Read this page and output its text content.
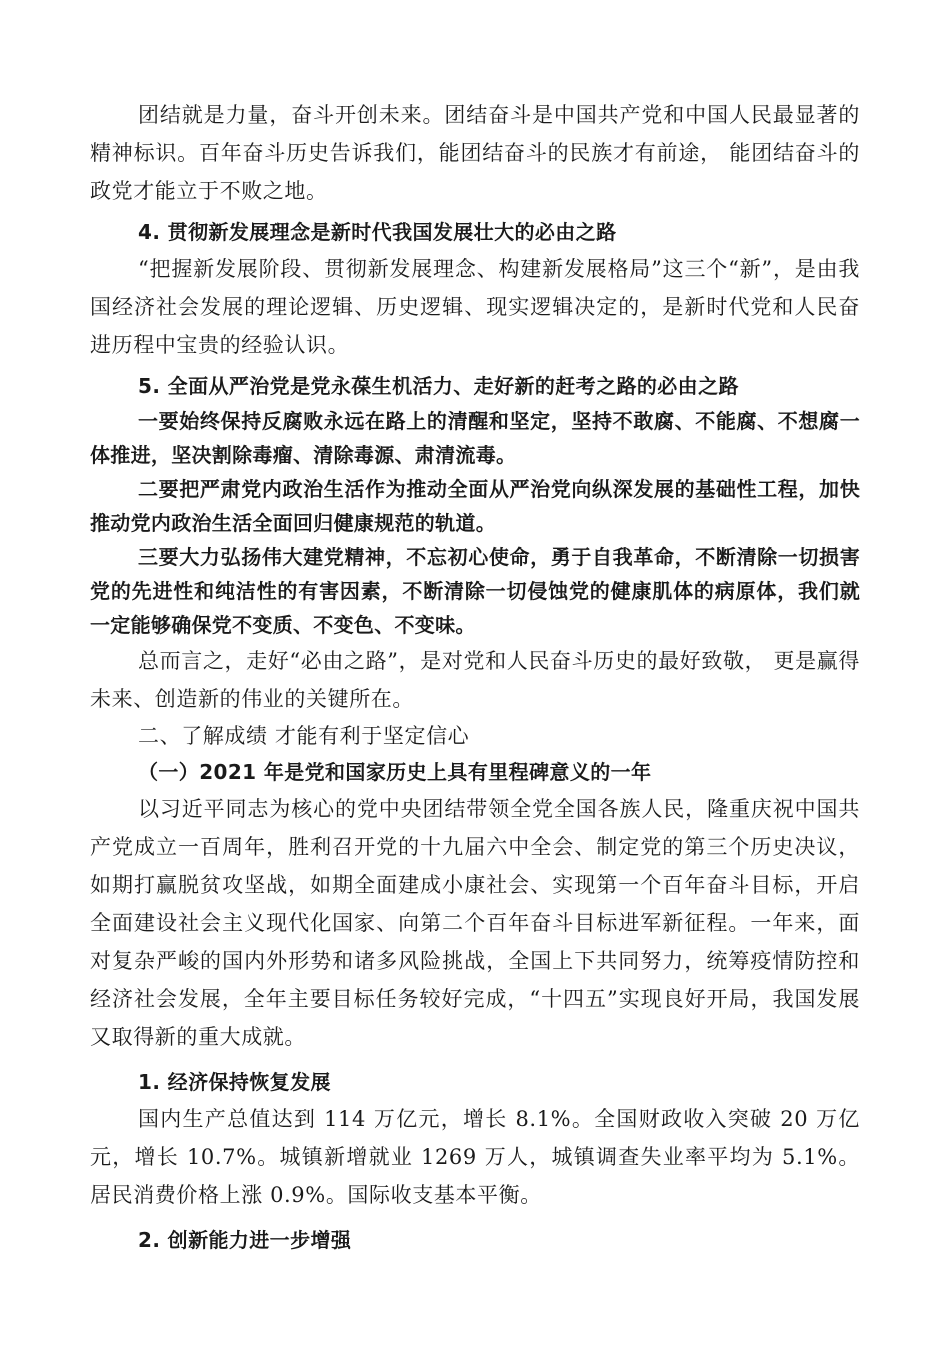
团结就是力量，奋斗开创未来。团结奋斗是中国共产党和中国人民最显著的精神标识。百年奋斗历史告诉我们，能团结奋斗的民族才有前途， 能团结奋斗的政党才能立于不败之地。

4. 贯彻新发展理念是新时代我国发展壮大的必由之路

“把握新发展阶段、贯彻新发展理念、构建新发展格局”这三个“新”，是由我国经济社会发展的理论逻辑、历史逻辑、现实逻辑决定的，是新时代党和人民奋进历程中宝贵的经验认识。

5. 全面从严治党是党永葆生机活力、走好新的赶考之路的必由之路

一要始终保持反腐败永远在路上的清醒和坚定，坚持不敢腐、不能腐、不想腐一体推进，坚决割除毒瘤、清除毒源、肃清流毒。

二要把严肃党内政治生活作为推动全面从严治党向纵深发展的基础性工程，加快推动党内政治生活全面回归健康规范的轨道。

三要大力弘扬伟大建党精神，不忘初心使命，勇于自我革命，不断清除一切损害党的先进性和纯洁性的有害因素，不断清除一切侵蚀党的健康肌体的病原体，我们就一定能够确保党不变质、不变色、不变味。

总而言之，走好“必由之路”，是对党和人民奋斗历史的最好致敬， 更是赢得未来、创造新的伟业的关键所在。

二、了解成绩 才能有利于坚定信心

（一）2021 年是党和国家历史上具有里程碑意义的一年

以习近平同志为核心的党中央团结带领全党全国各族人民，隆重庆祝中国共产党成立一百周年，胜利召开党的十九届六中全会、制定党的第三个历史决议，如期打赢脱贫攻坚战，如期全面建成小康社会、实现第一个百年奋斗目标，开启全面建设社会主义现代化国家、向第二个百年奋斗目标进军新征程。一年来，面对复杂严峻的国内外形势和诸多风险挑战，全国上下共同努力，统筹疫情防控和经济社会发展，全年主要目标任务较好完成，“十四五”实现良好开局，我国发展又取得新的重大成就。

1. 经济保持恢复发展

国内生产总值达到 114 万亿元，增长 8.1%。全国财政收入突破 20 万亿元，增长 10.7%。城镇新增就业 1269 万人，城镇调查失业率平均为 5.1%。居民消费价格上涨 0.9%。国际收支基本平衡。

2. 创新能力进一步增强
